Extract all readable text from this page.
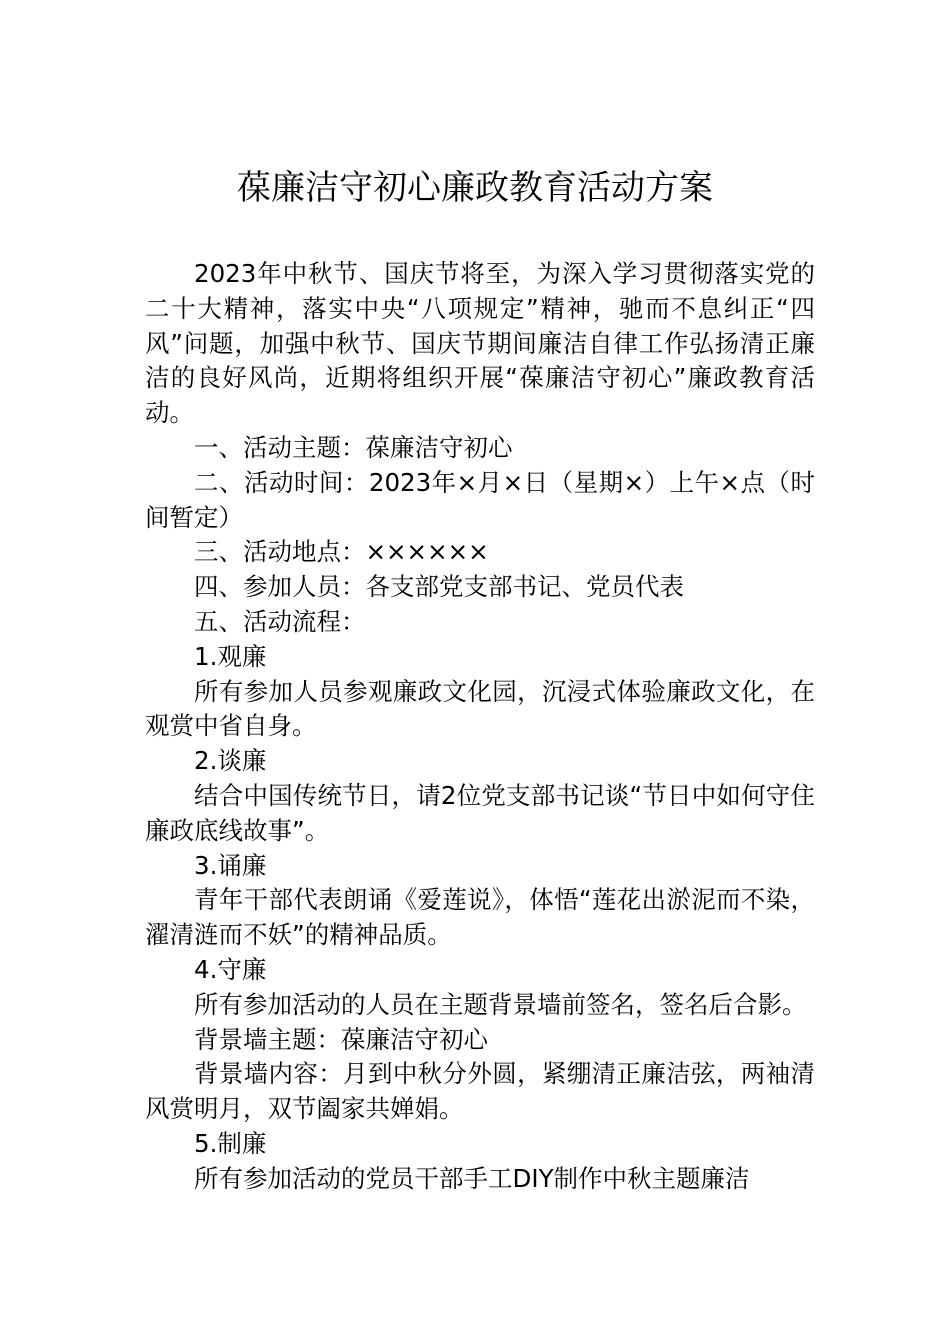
葆廉洁守初心廉政教育活动方案

2023年中秋节、国庆节将至，为深入学习贯彻落实党的二十大精神，落实中央“八项规定”精神，驰而不息纠正“四风”问题，加强中秋节、国庆节期间廉洁自律工作弘扬清正廉洁的良好风尚，近期将组织开展“葆廉洁守初心”廉政教育活动。

一、活动主题：葆廉洁守初心

二、活动时间：2023年×月×日（星期×）上午×点（时间暂定）

三、活动地点：××××××

四、参加人员：各支部党支部书记、党员代表

五、活动流程：

1.观廉

所有参加人员参观廉政文化园，沉浸式体验廉政文化，在观赏中省自身。

2.谈廉

结合中国传统节日，请2位党支部书记谈“节日中如何守住廉政底线故事”。

3.诵廉

青年干部代表朗诵《爱莲说》，体悟“莲花出淤泥而不染，濯清涟而不妖”的精神品质。

4.守廉

所有参加活动的人员在主题背景墙前签名，签名后合影。

背景墙主题：葆廉洁守初心

背景墙内容：月到中秋分外圆，紧绷清正廉洁弦，两袖清风赏明月，双节阖家共婵娟。

5.制廉

所有参加活动的党员干部手工DIY制作中秋主题廉洁
